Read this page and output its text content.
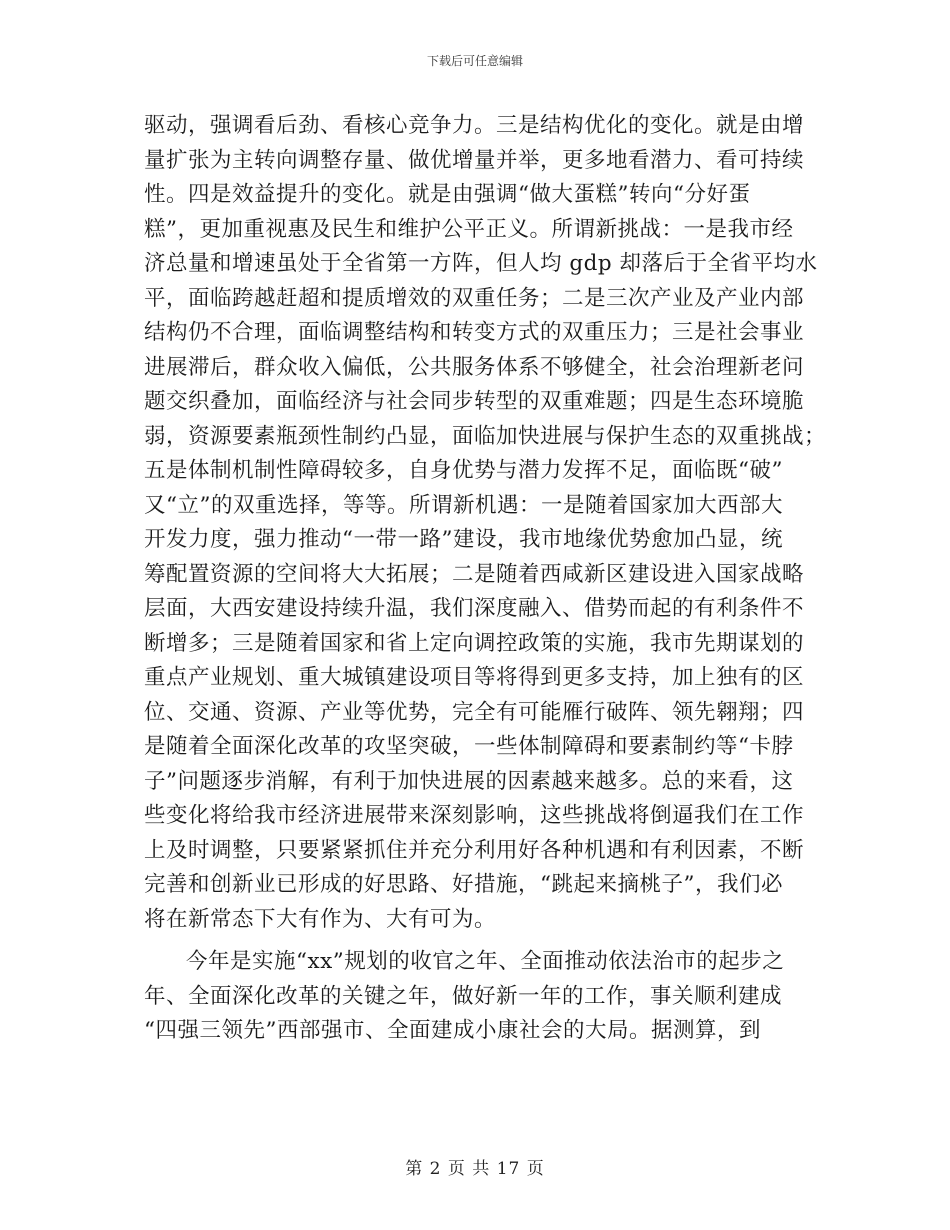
下载后可任意编辑
驱动，强调看后劲、看核心竞争力。三是结构优化的变化。就是由增
量扩张为主转向调整存量、做优增量并举，更多地看潜力、看可持续
性。四是效益提升的变化。就是由强调“做大蛋糕”转向“分好蛋
糕”，更加重视惠及民生和维护公平正义。所谓新挑战：一是我市经
济总量和增速虽处于全省第一方阵，但人均 gdp 却落后于全省平均水
平，面临跨越赶超和提质增效的双重任务；二是三次产业及产业内部
结构仍不合理，面临调整结构和转变方式的双重压力；三是社会事业
进展滞后，群众收入偏低，公共服务体系不够健全，社会治理新老问
题交织叠加，面临经济与社会同步转型的双重难题；四是生态环境脆
弱，资源要素瓶颈性制约凸显，面临加快进展与保护生态的双重挑战；
五是体制机制性障碍较多，自身优势与潜力发挥不足，面临既“破”
又“立”的双重选择，等等。所谓新机遇：一是随着国家加大西部大
开发力度，强力推动“一带一路”建设，我市地缘优势愈加凸显，统
筹配置资源的空间将大大拓展；二是随着西咸新区建设进入国家战略
层面，大西安建设持续升温，我们深度融入、借势而起的有利条件不
断增多；三是随着国家和省上定向调控政策的实施，我市先期谋划的
重点产业规划、重大城镇建设项目等将得到更多支持，加上独有的区
位、交通、资源、产业等优势，完全有可能雁行破阵、领先翱翔；四
是随着全面深化改革的攻坚突破，一些体制障碍和要素制约等“卡脖
子”问题逐步消解，有利于加快进展的因素越来越多。总的来看，这
些变化将给我市经济进展带来深刻影响，这些挑战将倒逼我们在工作
上及时调整，只要紧紧抓住并充分利用好各种机遇和有利因素，不断
完善和创新业已形成的好思路、好措施，“跳起来摘桃子”，我们必
将在新常态下大有作为、大有可为。
今年是实施“xx”规划的收官之年、全面推动依法治市的起步之
年、全面深化改革的关键之年，做好新一年的工作，事关顺利建成
“四强三领先”西部强市、全面建成小康社会的大局。据测算，到
第 2 页 共 17 页
